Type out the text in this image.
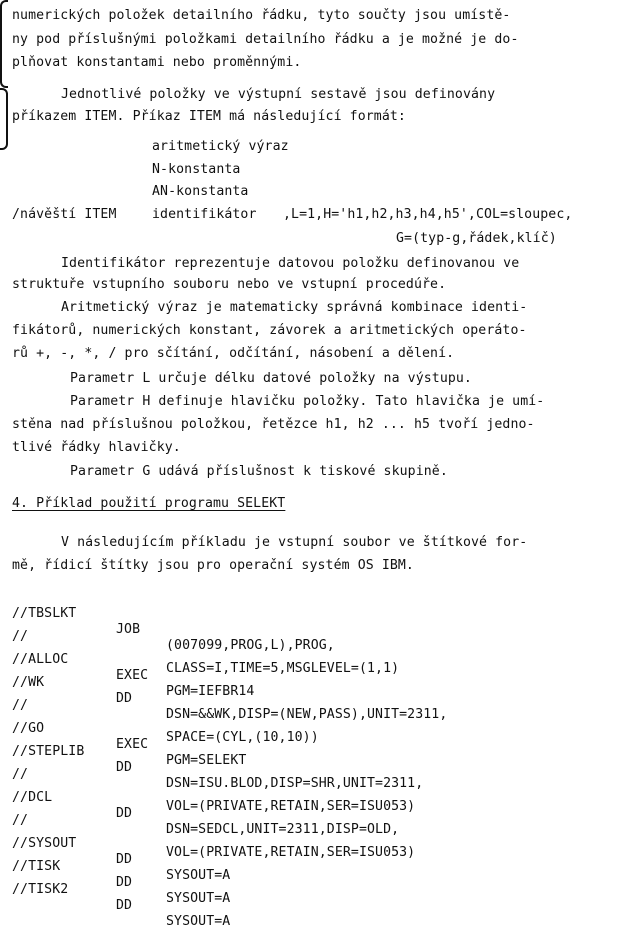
numerických položek detailního řádku, tyto součty jsou umístě-
ny pod příslušnými položkami detailního řádku a je možné je do-
plňovat konstantami nebo proměnnými.
Jednotlivé položky ve výstupní sestavě jsou definovány
příkazem ITEM. Příkaz ITEM má následující formát:
aritmetický výraz
N-konstanta
AN-konstanta
/návěští ITEM	identifikátor ,L=1,H='h1,h2,h3,h4,h5',COL=sloupec,
G=(typ-g,řádek,klíč)
Identifikátor reprezentuje datovou položku definovanou ve
struktuře vstupního souboru nebo ve vstupní procedúře.
Aritmetický výraz je matematicky správná kombinace identi-
fikátorů, numerických konstant, závorek a aritmetických operáto-
rů +, -, *, / pro sčítání, odčítání, násobení a dělení.
Parametr L určuje délku datové položky na výstupu.
Parametr H definuje hlavičku položky. Tato hlavička je umí-
stěna nad příslušnou položkou, řetězce h1, h2 ... h5 tvoří jedno-
tlivé řádky hlavičky.
Parametr G udává příslušnost k tiskové skupině.
4. Příklad použití programu SELEKT
V následujícím příkladu je vstupní soubor ve štítkové for-
mě, řídicí štítky jsou pro operační systém OS IBM.

//TBSLKT

JOB

(007099,PROG,L),PROG,

//

CLASS=I,TIME=5,MSGLEVEL=(1,1)

//ALLOC

EXEC

PGM=IEFBR14

//WK

DD

DSN=&&WK,DISP=(NEW,PASS),UNIT=2311,

//

SPACE=(CYL,(10,10))

//GO

EXEC

PGM=SELEKT

//STEPLIB

DD

DSN=ISU.BLOD,DISP=SHR,UNIT=2311,

//

VOL=(PRIVATE,RETAIN,SER=ISU053)

//DCL

DD

DSN=SEDCL,UNIT=2311,DISP=OLD,

//

VOL=(PRIVATE,RETAIN,SER=ISU053)

//SYSOUT

DD

SYSOUT=A

//TISK

DD

SYSOUT=A

//TISK2

DD

SYSOUT=A
